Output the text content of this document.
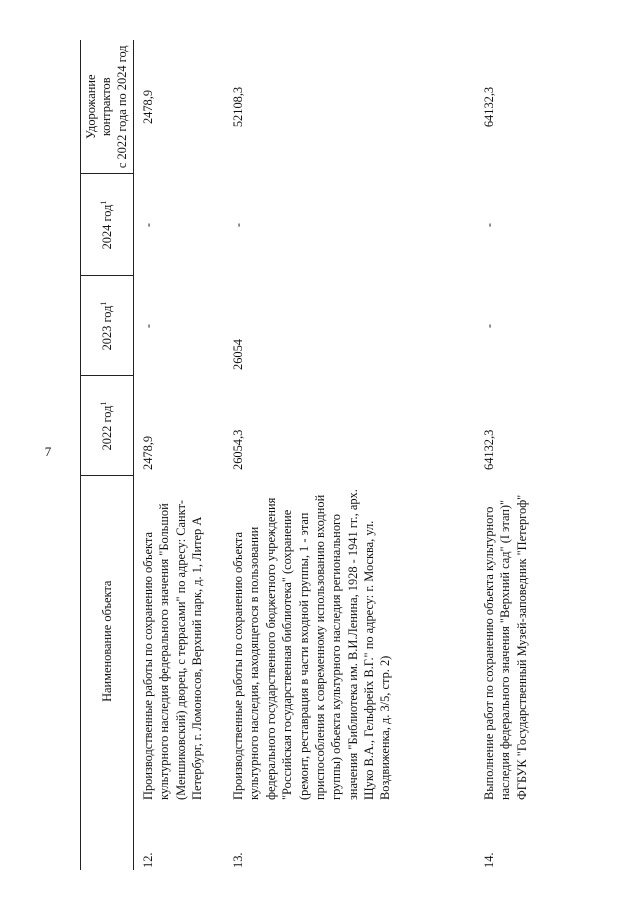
7
	Наименование объекта	2022 год$^1$	2023 год$^1$	2024 год$^1$	Удорожание контрактов с 2022 года по 2024 год

12.	Производственные работы по сохранению объекта культурного наследия федерального значения "Большой (Меншиковский) дворец, с террасами" по адресу: Санкт-Петербург, г. Ломоносов, Верхний парк, д. 1, Литер А	2478,9	-	-	2478,9
13.	Производственные работы по сохранению объекта культурного наследия, находящегося в пользовании федерального государственного бюджетного учреждения "Российская государственная библиотека" (сохранение (ремонт, реставрация в части входной группы, 1 - этап приспособления к современному использованию входной группы) объекта культурного наследия регионального значения "Библиотека им. В.И.Ленина, 1928 - 1941 гг., арх. Щуко В.А., Гельфрейх В.Г." по адресу: г. Москва, ул. Воздвиженка, д. 3/5, стр. 2)	26054,3	26054	-	52108,3
14.	Выполнение работ по сохранению объекта культурного наследия федерального значения "Верхний сад" (I этап)" ФГБУК "Государственный Музей-заповедник "Петергоф"	64132,3	-	-	64132,3
